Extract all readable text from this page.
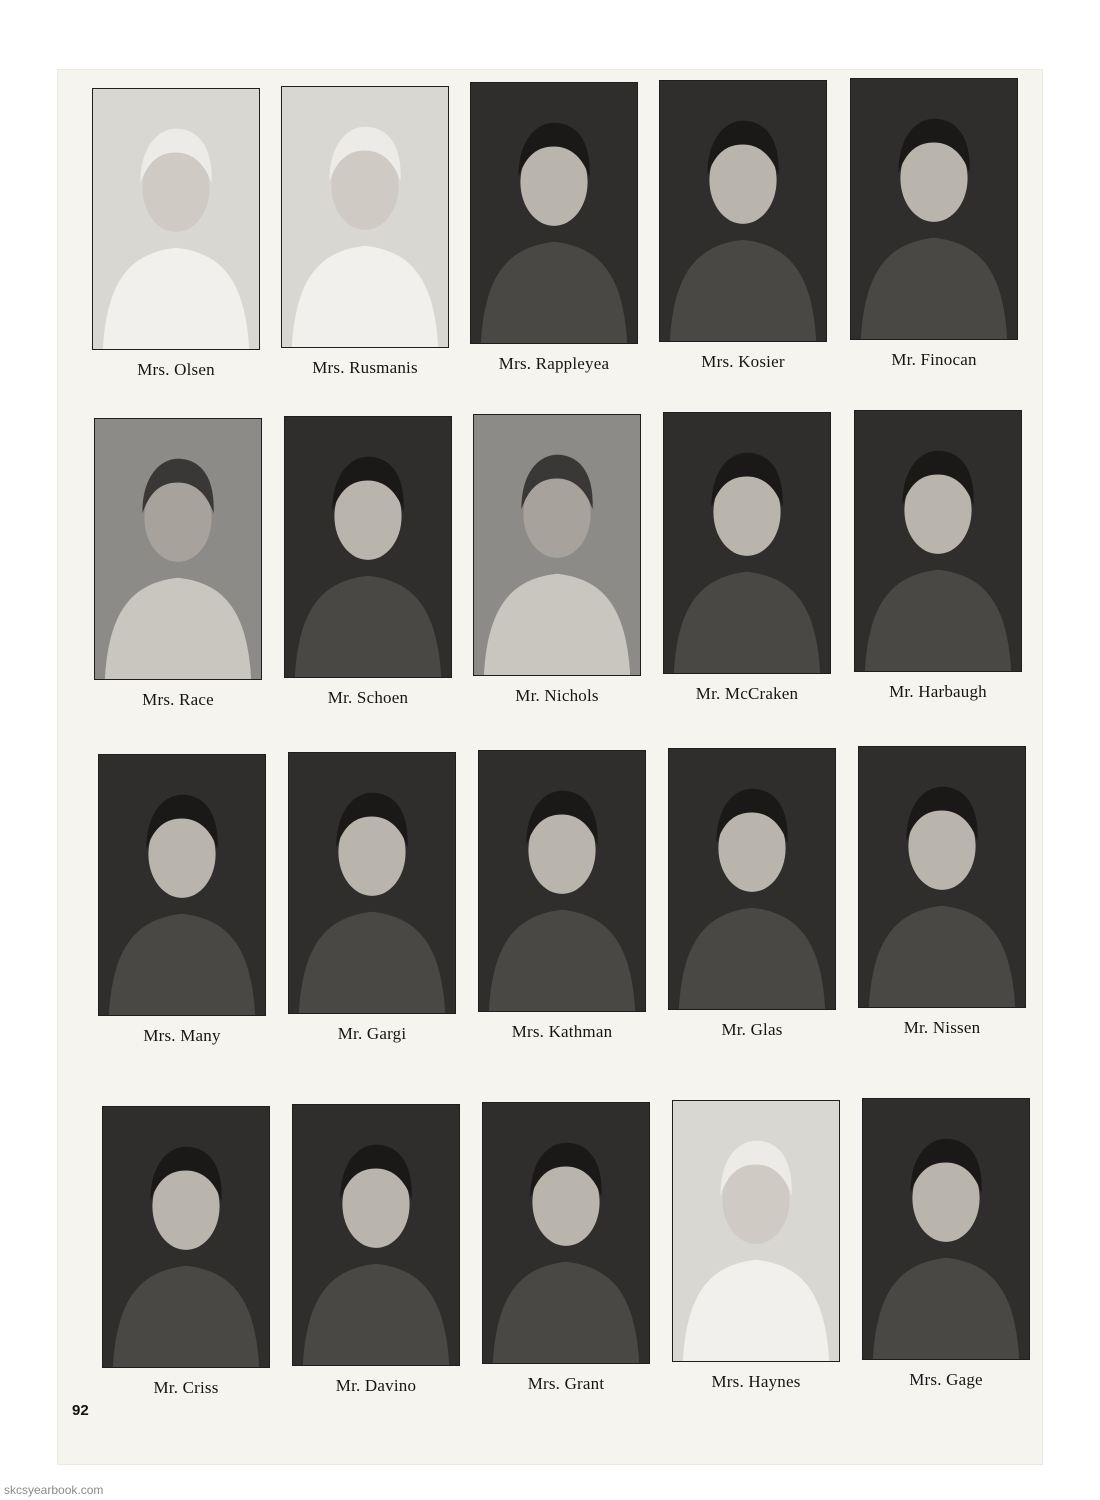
Mrs. Olsen	Mrs. Rusmanis	Mrs. Rappleyea	Mrs. Kosier	Mr. Finocan
Mrs. Race	Mr. Schoen	Mr. Nichols	Mr. McCraken	Mr. Harbaugh
Mrs. Many	Mr. Gargi	Mrs. Kathman	Mr. Glas	Mr. Nissen
Mr. Criss	Mr. Davino	Mrs. Grant	Mrs. Haynes	Mrs. Gage
92
skcsyearbook.com
